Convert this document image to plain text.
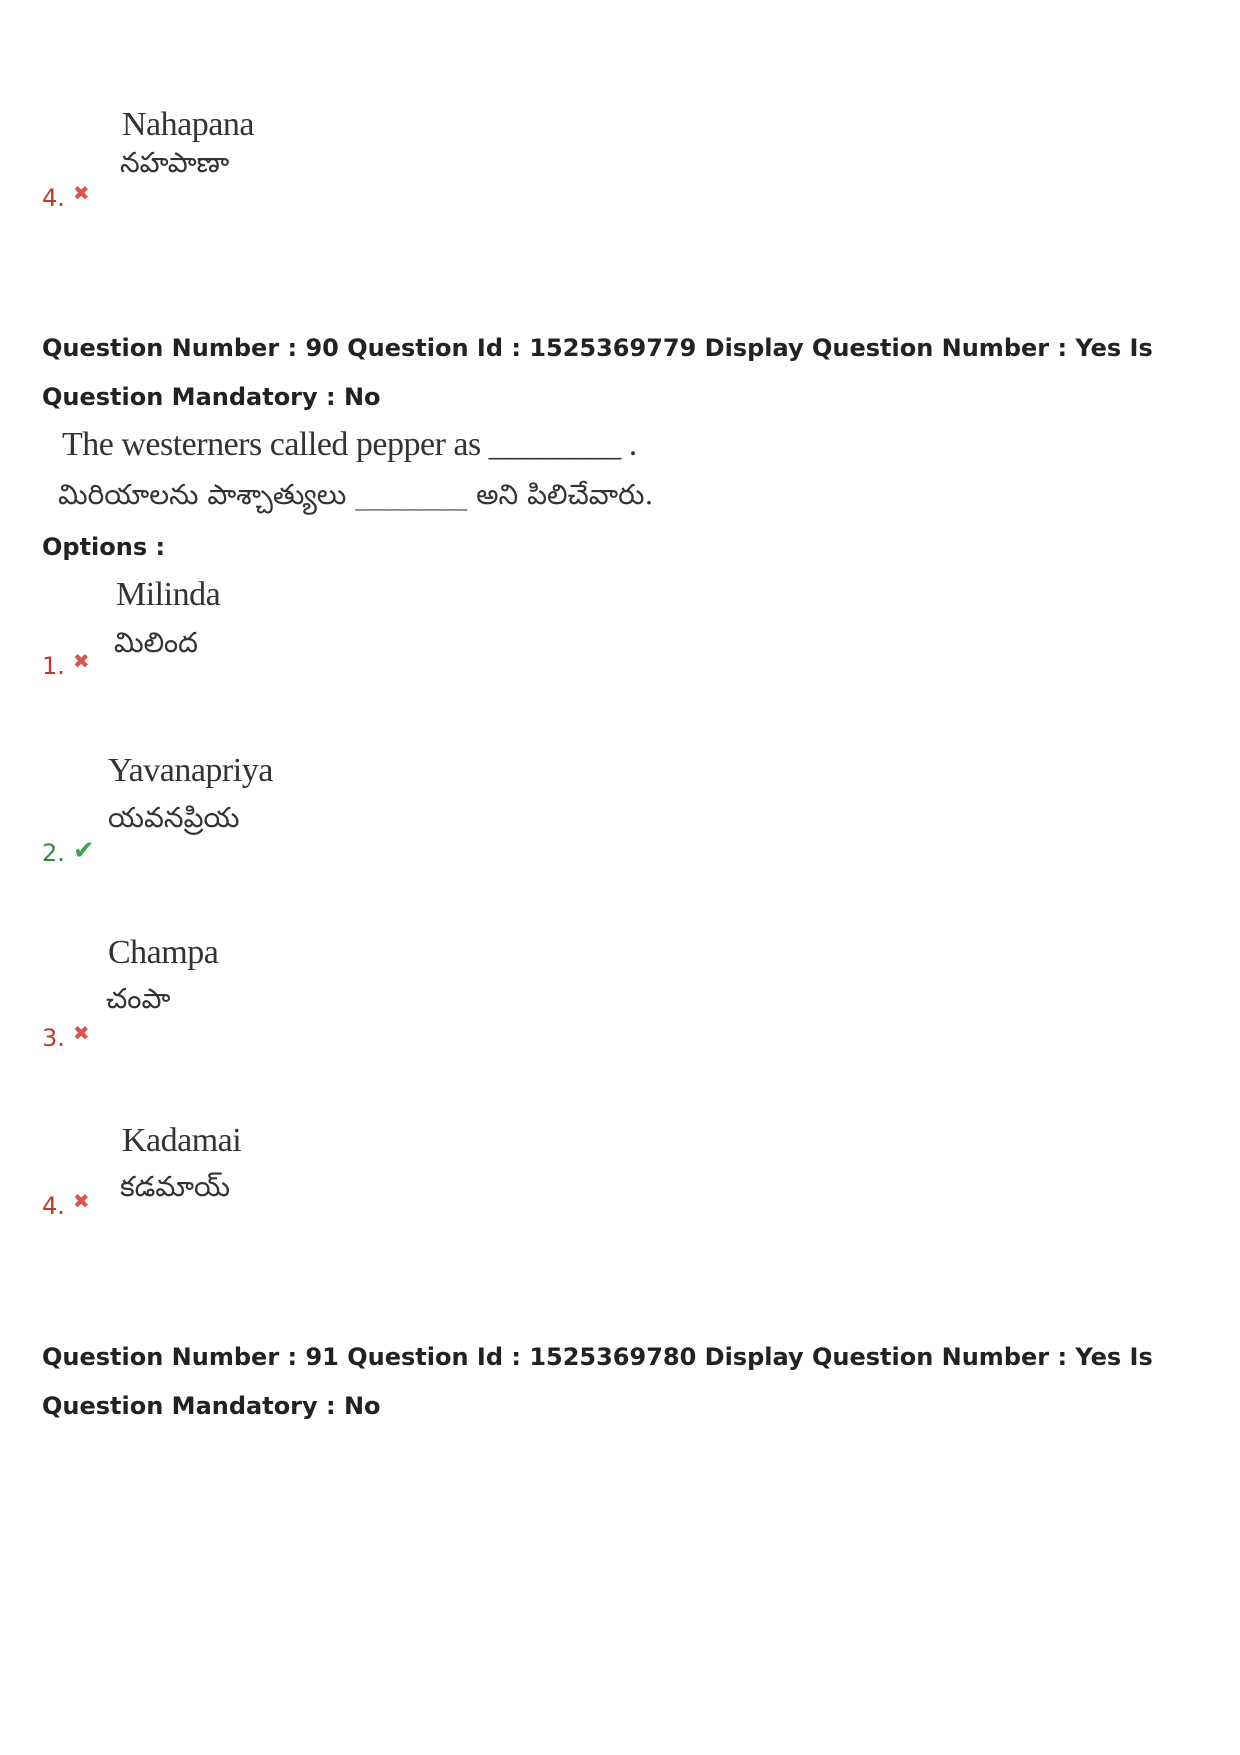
Nahapana
నహపాణా
4. ✖
Question Number : 90 Question Id : 1525369779 Display Question Number : Yes Is Question Mandatory : No
The westerners called pepper as ________ .
మిరియాలను పాశ్చాత్యులు ________ అని పిలిచేవారు.
Options :
Milinda
మిలింద
1. ✖
Yavanapriya
యవనప్రియ
2. ✔
Champa
చంపా
3. ✖
Kadamai
కడమాయ్
4. ✖
Question Number : 91 Question Id : 1525369780 Display Question Number : Yes Is Question Mandatory : No
